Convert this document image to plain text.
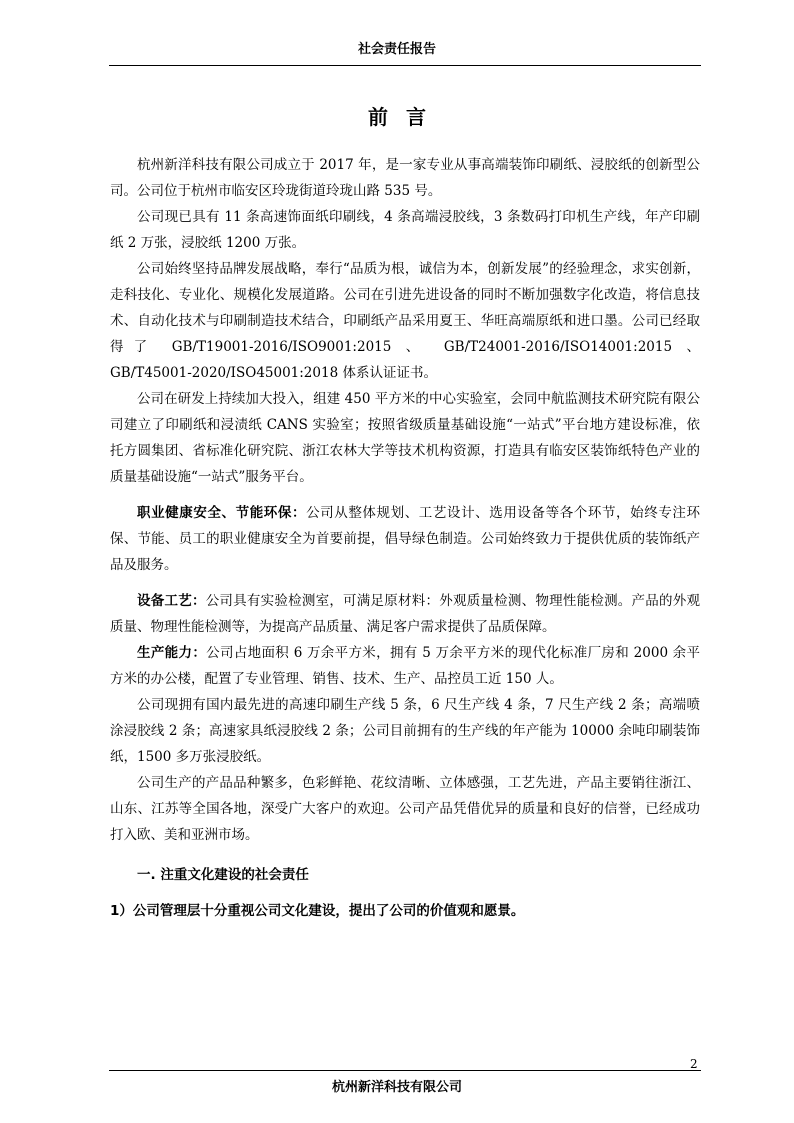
社会责任报告
前言

杭州新洋科技有限公司成立于 2017 年，是一家专业从事高端装饰印刷纸、浸胶纸的创新型公司。公司位于杭州市临安区玲珑街道玲珑山路 535 号。

公司现已具有 11 条高速饰面纸印刷线，4 条高端浸胶线，3 条数码打印机生产线，年产印刷纸 2 万张，浸胶纸 1200 万张。

公司始终坚持品牌发展战略，奉行“品质为根，诚信为本，创新发展”的经验理念，求实创新，走科技化、专业化、规模化发展道路。公司在引进先进设备的同时不断加强数字化改造，将信息技术、自动化技术与印刷制造技术结合，印刷纸产品采用夏王、华旺高端原纸和进口墨。公司已经取得了 GB/T19001-2016/ISO9001:2015 、 GB/T24001-2016/ISO14001:2015 、GB/T45001-2020/ISO45001:2018 体系认证证书。

公司在研发上持续加大投入，组建 450 平方米的中心实验室，会同中航监测技术研究院有限公司建立了印刷纸和浸渍纸 CANS 实验室；按照省级质量基础设施“一站式”平台地方建设标准，依托方圆集团、省标准化研究院、浙江农林大学等技术机构资源，打造具有临安区装饰纸特色产业的质量基础设施“一站式”服务平台。

职业健康安全、节能环保：公司从整体规划、工艺设计、选用设备等各个环节，始终专注环保、节能、员工的职业健康安全为首要前提，倡导绿色制造。公司始终致力于提供优质的装饰纸产品及服务。

设备工艺：公司具有实验检测室，可满足原材料：外观质量检测、物理性能检测。产品的外观质量、物理性能检测等，为提高产品质量、满足客户需求提供了品质保障。

生产能力：公司占地面积 6 万余平方米，拥有 5 万余平方米的现代化标准厂房和 2000 余平方米的办公楼，配置了专业管理、销售、技术、生产、品控员工近 150 人。

公司现拥有国内最先进的高速印刷生产线 5 条，6 尺生产线 4 条，7 尺生产线 2 条；高端喷涂浸胶线 2 条；高速家具纸浸胶线 2 条；公司目前拥有的生产线的年产能为 10000 余吨印刷装饰纸，1500 多万张浸胶纸。

公司生产的产品品种繁多，色彩鲜艳、花纹清晰、立体感强，工艺先进，产品主要销往浙江、山东、江苏等全国各地，深受广大客户的欢迎。公司产品凭借优异的质量和良好的信誉，已经成功打入欧、美和亚洲市场。

一. 注重文化建设的社会责任

1）公司管理层十分重视公司文化建设，提出了公司的价值观和愿景。

2
杭州新洋科技有限公司
